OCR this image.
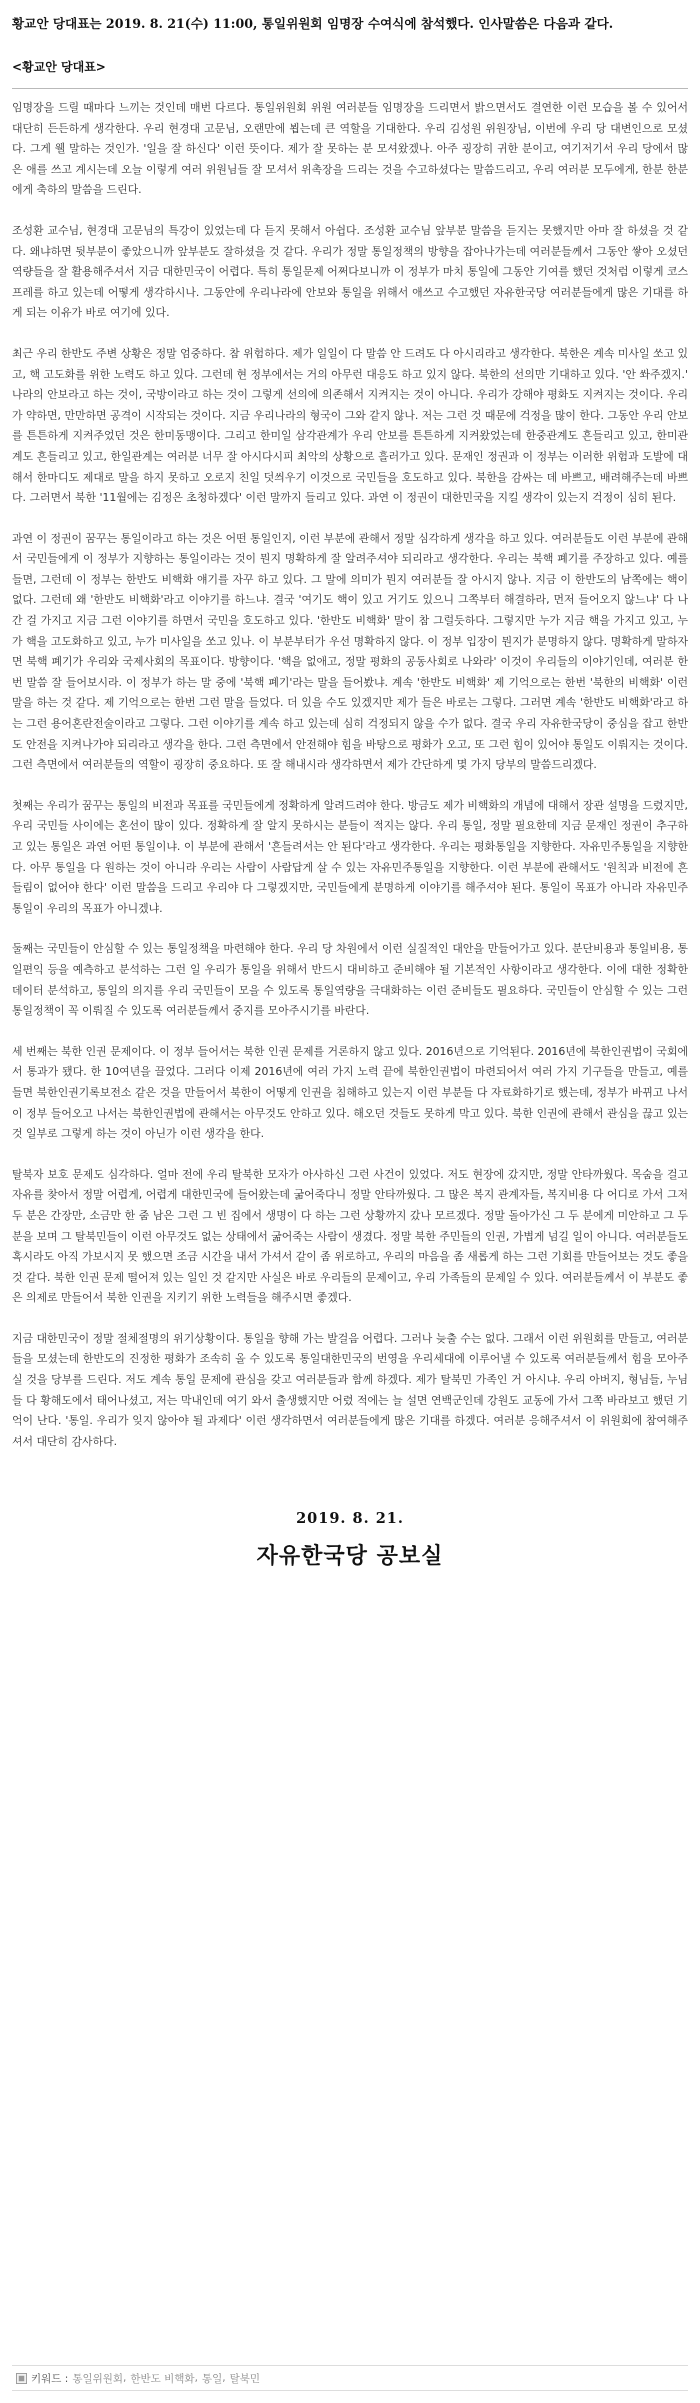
황교안 당대표는 2019. 8. 21(수) 11:00, 통일위원회 임명장 수여식에 참석했다. 인사말씀은 다음과 같다.
<황교안 당대표>

임명장을 드릴 때마다 느끼는 것인데 매번 다르다. 통일위원회 위원 여러분들 임명장을 드리면서 밝으면서도 결연한 이런 모습을 볼 수 있어서 대단히 든든하게 생각한다. 우리 현경대 고문님, 오랜만에 뵙는데 큰 역할을 기대한다. 우리 김성원 위원장님, 이번에 우리 당 대변인으로 모셨다. 그게 웰 말하는 것인가. '일을 잘 하신다' 이런 뜻이다. 제가 잘 못하는 분 모셔왔겠나. 아주 굉장히 귀한 분이고, 여기저기서 우리 당에서 많은 애를 쓰고 계시는데 오늘 이렇게 여러 위원님들 잘 모셔서 위촉장을 드리는 것을 수고하셨다는 말씀드리고, 우리 여러분 모두에게, 한분 한분에게 축하의 말씀을 드린다.

조성환 교수님, 현경대 고문님의 특강이 있었는데 다 듣지 못해서 아쉽다. 조성환 교수님 앞부분 말씀을 듣지는 못했지만 아마 잘 하셨을 것 같다. 왜냐하면 뒷부분이 좋았으니까 앞부분도 잘하셨을 것 같다. 우리가 정말 통일정책의 방향을 잡아나가는데 여러분들께서 그동안 쌓아 오셨던 역량들을 잘 활용해주셔서 지금 대한민국이 어렵다. 특히 통일문제 어쩌다보니까 이 정부가 마치 통일에 그동안 기여를 했던 것처럼 이렇게 코스프레를 하고 있는데 어떻게 생각하시나. 그동안에 우리나라에 안보와 통일을 위해서 애쓰고 수고했던 자유한국당 여러분들에게 많은 기대를 하게 되는 이유가 바로 여기에 있다.

최근 우리 한반도 주변 상황은 정말 엄중하다. 참 위험하다. 제가 일일이 다 말씀 안 드려도 다 아시리라고 생각한다. 북한은 계속 미사일 쏘고 있고, 핵 고도화를 위한 노력도 하고 있다. 그런데 현 정부에서는 거의 아무런 대응도 하고 있지 않다. 북한의 선의만 기대하고 있다. '안 쏴주겠지.' 나라의 안보라고 하는 것이, 국방이라고 하는 것이 그렇게 선의에 의존해서 지켜지는 것이 아니다. 우리가 강해야 평화도 지켜지는 것이다. 우리가 약하면, 만만하면 공격이 시작되는 것이다. 지금 우리나라의 형국이 그와 같지 않나. 저는 그런 것 때문에 걱정을 많이 한다. 그동안 우리 안보를 튼튼하게 지켜주었던 것은 한미동맹이다. 그리고 한미일 삼각관계가 우리 안보를 튼튼하게 지켜왔었는데 한중관계도 흔들리고 있고, 한미관계도 흔들리고 있고, 한일관계는 여러분 너무 잘 아시다시피 최악의 상황으로 흘러가고 있다. 문재인 정권과 이 정부는 이러한 위험과 도발에 대해서 한마디도 제대로 말을 하지 못하고 오로지 친일 덧씌우기 이것으로 국민들을 호도하고 있다. 북한을 감싸는 데 바쁘고, 배려해주는데 바쁘다. 그러면서 북한 '11월에는 김정은 초청하겠다' 이런 말까지 들리고 있다. 과연 이 정권이 대한민국을 지킬 생각이 있는지 걱정이 심히 된다.

과연 이 정권이 꿈꾸는 통일이라고 하는 것은 어떤 통일인지, 이런 부분에 관해서 정말 심각하게 생각을 하고 있다. 여러분들도 이런 부분에 관해서 국민들에게 이 정부가 지향하는 통일이라는 것이 뭔지 명확하게 잘 알려주셔야 되리라고 생각한다. 우리는 북핵 폐기를 주장하고 있다. 예를 들면, 그런데 이 정부는 한반도 비핵화 얘기를 자꾸 하고 있다. 그 말에 의미가 뭔지 여러분들 잘 아시지 않나. 지금 이 한반도의 남쪽에는 핵이 없다. 그런데 왜 '한반도 비핵화'라고 이야기를 하느냐. 결국 '여기도 핵이 있고 거기도 있으니 그쪽부터 해결하라, 먼저 들어오지 않느냐' 다 나간 걸 가지고 지금 그런 이야기를 하면서 국민을 호도하고 있다. '한반도 비핵화' 말이 참 그럴듯하다. 그렇지만 누가 지금 핵을 가지고 있고, 누가 핵을 고도화하고 있고, 누가 미사일을 쏘고 있나. 이 부분부터가 우선 명확하지 않다. 이 정부 입장이 뭔지가 분명하지 않다. 명확하게 말하자면 북핵 폐기가 우리와 국제사회의 목표이다. 방향이다. '핵을 없애고, 정말 평화의 공동사회로 나와라' 이것이 우리들의 이야기인데, 여러분 한번 말씀 잘 들어보시라. 이 정부가 하는 말 중에 '북핵 폐기'라는 말을 들어봤냐. 계속 '한반도 비핵화' 제 기억으로는 한번 '북한의 비핵화' 이런 말을 하는 것 같다. 제 기억으로는 한번 그런 말을 들었다. 더 있을 수도 있겠지만 제가 들은 바로는 그렇다. 그러면 계속 '한반도 비핵화'라고 하는 그런 용어혼란전술이라고 그렇다. 그런 이야기를 계속 하고 있는데 심히 걱정되지 않을 수가 없다. 결국 우리 자유한국당이 중심을 잡고 한반도 안전을 지켜나가야 되리라고 생각을 한다. 그런 측면에서 안전해야 힘을 바탕으로 평화가 오고, 또 그런 힘이 있어야 통일도 이뤄지는 것이다. 그런 측면에서 여러분들의 역할이 굉장히 중요하다. 또 잘 해내시라 생각하면서 제가 간단하게 몇 가지 당부의 말씀드리겠다.

첫째는 우리가 꿈꾸는 통일의 비전과 목표를 국민들에게 정확하게 알려드려야 한다. 방금도 제가 비핵화의 개념에 대해서 장관 설명을 드렸지만, 우리 국민들 사이에는 혼선이 많이 있다. 정확하게 잘 알지 못하시는 분들이 적지는 않다. 우리 통일, 정말 필요한데 지금 문재인 정권이 추구하고 있는 통일은 과연 어떤 통일이냐. 이 부분에 관해서 '흔들려서는 안 된다'라고 생각한다. 우리는 평화통일을 지향한다. 자유민주통일을 지향한다. 아무 통일을 다 원하는 것이 아니라 우리는 사람이 사람답게 살 수 있는 자유민주통일을 지향한다. 이런 부분에 관해서도 '원칙과 비전에 흔들림이 없어야 한다' 이런 말씀을 드리고 우리야 다 그렇겠지만, 국민들에게 분명하게 이야기를 해주셔야 된다. 통일이 목표가 아니라 자유민주통일이 우리의 목표가 아니겠냐.

둘째는 국민들이 안심할 수 있는 통일정책을 마련해야 한다. 우리 당 차원에서 이런 실질적인 대안을 만들어가고 있다. 분단비용과 통일비용, 통일편익 등을 예측하고 분석하는 그런 일 우리가 통일을 위해서 반드시 대비하고 준비해야 될 기본적인 사항이라고 생각한다. 이에 대한 정확한 데이터 분석하고, 통일의 의지를 우리 국민들이 모을 수 있도록 통일역량을 극대화하는 이런 준비들도 필요하다. 국민들이 안심할 수 있는 그런 통일정책이 꼭 이뤄질 수 있도록 여러분들께서 중지를 모아주시기를 바란다.

세 번째는 북한 인권 문제이다. 이 정부 들어서는 북한 인권 문제를 거론하지 않고 있다. 2016년으로 기억된다. 2016년에 북한인권법이 국회에서 통과가 됐다. 한 10여년을 끌었다. 그러다 이제 2016년에 여러 가지 노력 끝에 북한인권법이 마련되어서 여러 가지 기구들을 만들고, 예를 들면 북한인권기록보전소 같은 것을 만들어서 북한이 어떻게 인권을 침해하고 있는지 이런 부분들 다 자료화하기로 했는데, 정부가 바뀌고 나서 이 정부 들어오고 나서는 북한인권법에 관해서는 아무것도 안하고 있다. 해오던 것들도 못하게 막고 있다. 북한 인권에 관해서 관심을 끊고 있는 것 일부로 그렇게 하는 것이 아닌가 이런 생각을 한다.

탈북자 보호 문제도 심각하다. 얼마 전에 우리 탈북한 모자가 아사하신 그런 사건이 있었다. 저도 현장에 갔지만, 정말 안타까웠다. 목숨을 걸고 자유를 찾아서 정말 어렵게, 어렵게 대한민국에 들어왔는데 굶어죽다니 정말 안타까웠다. 그 많은 복지 관계자들, 복지비용 다 어디로 가서 그저 두 분은 간장만, 소금만 한 줌 남은 그런 그 빈 집에서 생명이 다 하는 그런 상황까지 갔나 모르겠다. 정말 돌아가신 그 두 분에게 미안하고 그 두 분을 보며 그 탈북민들이 이런 아무것도 없는 상태에서 굶어죽는 사람이 생겼다. 정말 북한 주민들의 인권, 가볍게 넘길 일이 아니다. 여러분들도 혹시라도 아직 가보시지 못 했으면 조금 시간을 내서 가셔서 같이 좀 위로하고, 우리의 마음을 좀 새롭게 하는 그런 기회를 만들어보는 것도 좋을 것 같다. 북한 인권 문제 떨어져 있는 일인 것 같지만 사실은 바로 우리들의 문제이고, 우리 가족들의 문제일 수 있다. 여러분들께서 이 부분도 좋은 의제로 만들어서 북한 인권을 지키기 위한 노력들을 해주시면 좋겠다.

지금 대한민국이 정말 절체절명의 위기상황이다. 통일을 향해 가는 발걸음 어렵다. 그러나 늦출 수는 없다. 그래서 이런 위원회를 만들고, 여러분들을 모셨는데 한반도의 진정한 평화가 조속히 올 수 있도록 통일대한민국의 번영을 우리세대에 이루어낼 수 있도록 여러분들께서 힘을 모아주실 것을 당부를 드린다. 저도 계속 통일 문제에 관심을 갖고 여러분들과 함께 하겠다. 제가 탈북민 가족인 거 아시냐. 우리 아버지, 형님들, 누님들 다 황해도에서 태어나셨고, 저는 막내인데 여기 와서 출생했지만 어렸 적에는 늘 설면 연백군인데 강원도 교동에 가서 그쪽 바라보고 했던 기억이 난다. '통일. 우리가 잊지 않아야 될 과제다' 이런 생각하면서 여러분들에게 많은 기대를 하겠다. 여러분 응해주셔서 이 위원회에 참여해주셔서 대단히 감사하다.

2019. 8. 21.
자유한국당 공보실
키워드 : 통일위원회 , 한반도 비핵화 , 통일 , 탈북민
